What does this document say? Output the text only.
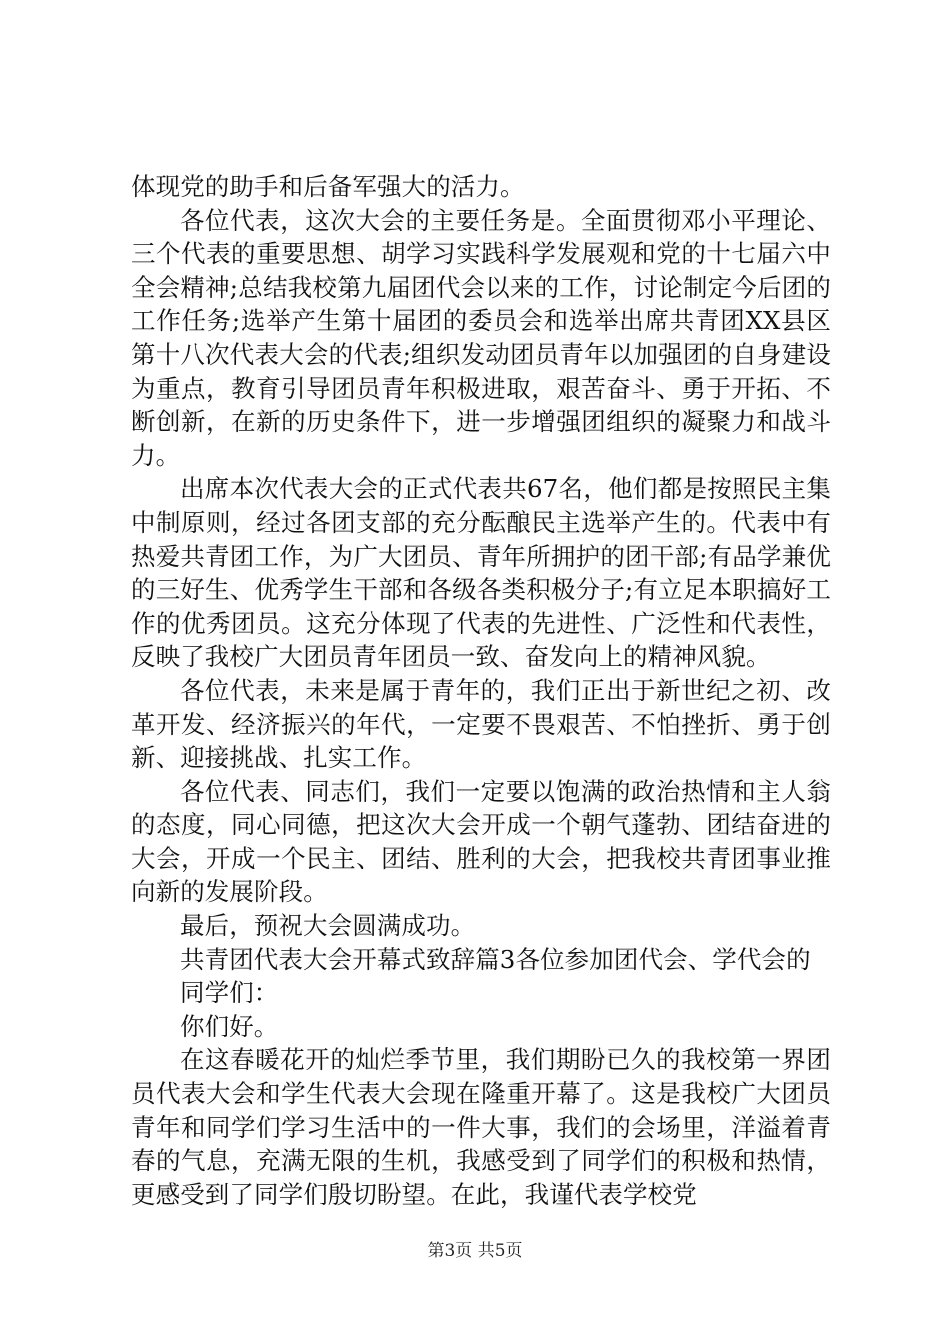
体现党的助手和后备军强大的活力。

各位代表，这次大会的主要任务是。全面贯彻邓小平理论、三个代表的重要思想、胡学习实践科学发展观和党的十七届六中全会精神;总结我校第九届团代会以来的工作，讨论制定今后团的工作任务;选举产生第十届团的委员会和选举出席共青团XX县区第十八次代表大会的代表;组织发动团员青年以加强团的自身建设为重点，教育引导团员青年积极进取，艰苦奋斗、勇于开拓、不断创新，在新的历史条件下，进一步增强团组织的凝聚力和战斗力。

出席本次代表大会的正式代表共67名，他们都是按照民主集中制原则，经过各团支部的充分酝酿民主选举产生的。代表中有热爱共青团工作，为广大团员、青年所拥护的团干部;有品学兼优的三好生、优秀学生干部和各级各类积极分子;有立足本职搞好工作的优秀团员。这充分体现了代表的先进性、广泛性和代表性，反映了我校广大团员青年团员一致、奋发向上的精神风貌。

各位代表，未来是属于青年的，我们正出于新世纪之初、改革开发、经济振兴的年代，一定要不畏艰苦、不怕挫折、勇于创新、迎接挑战、扎实工作。

各位代表、同志们，我们一定要以饱满的政治热情和主人翁的态度，同心同德，把这次大会开成一个朝气蓬勃、团结奋进的大会，开成一个民主、团结、胜利的大会，把我校共青团事业推向新的发展阶段。

最后，预祝大会圆满成功。

共青团代表大会开幕式致辞篇3各位参加团代会、学代会的

同学们：

你们好。

在这春暖花开的灿烂季节里，我们期盼已久的我校第一界团员代表大会和学生代表大会现在隆重开幕了。这是我校广大团员青年和同学们学习生活中的一件大事，我们的会场里，洋溢着青春的气息，充满无限的生机，我感受到了同学们的积极和热情，更感受到了同学们殷切盼望。在此，我谨代表学校党

第3页 共5页
